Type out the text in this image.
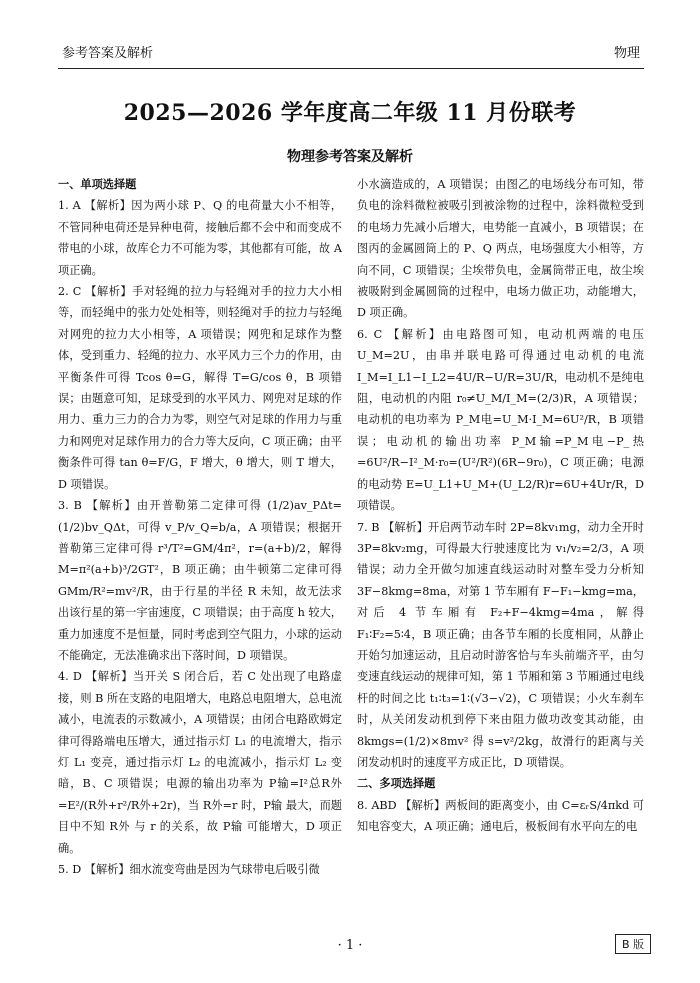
参考答案及解析	物理
2025—2026 学年度高二年级 11 月份联考
物理参考答案及解析
一、单项选择题
1. A 【解析】因为两小球 P、Q 的电荷量大小不相等，不管同种电荷还是异种电荷，接触后都不会中和而变成不带电的小球，故库仑力不可能为零，其他都有可能，故 A 项正确。
2. C 【解析】手对轻绳的拉力与轻绳对手的拉力大小相等，而轻绳中的张力处处相等，则轻绳对手的拉力与轻绳对网兜的拉力大小相等，A 项错误；网兜和足球作为整体，受到重力、轻绳的拉力、水平风力三个力的作用，由平衡条件可得 Tcos θ=G，解得 T=G/cos θ，B 项错误；由题意可知，足球受到的水平风力、网兜对足球的作用力、重力三力的合力为零，则空气对足球的作用力与重力和网兜对足球作用力的合力等大反向，C 项正确；由平衡条件可得 tan θ=F/G，F 增大，θ 增大，则 T 增大，D 项错误。
3. B 【解析】由开普勒第二定律可得 (1/2)av_PΔt=(1/2)bv_QΔt，可得 v_P/v_Q=b/a，A 项错误；根据开普勒第三定律可得 r³/T²=GM/4π²，r=(a+b)/2，解得 M=π²(a+b)³/2GT²，B 项正确；由牛顿第二定律可得 GMm/R²=mv²/R，由于行星的半径 R 未知，故无法求出该行星的第一宇宙速度，C 项错误；由于高度 h 较大，重力加速度不是恒量，同时考虑到空气阻力，小球的运动不能确定，无法准确求出下落时间，D 项错误。
4. D 【解析】当开关 S 闭合后，若 C 处出现了电路虚接，则 B 所在支路的电阻增大，电路总电阻增大，总电流减小，电流表的示数减小，A 项错误；由闭合电路欧姆定律可得路端电压增大，通过指示灯 L₁ 的电流增大，指示灯 L₁ 变亮，通过指示灯 L₂ 的电流减小，指示灯 L₂ 变暗，B、C 项错误；电源的输出功率为 P输=I²总R外=E²/(R外+r²/R外+2r)，当 R外=r 时，P输 最大，而题目中不知 R外 与 r 的关系，故 P输 可能增大，D 项正确。
5. D 【解析】细水流变弯曲是因为气球带电后吸引微
小水滴造成的，A 项错误；由图乙的电场线分布可知，带负电的涂料微粒被吸引到被涂物的过程中，涂料微粒受到的电场力先减小后增大，电势能一直减小，B 项错误；在图丙的金属圆筒上的 P、Q 两点，电场强度大小相等，方向不同，C 项错误；尘埃带负电，金属筒带正电，故尘埃被吸附到金属圆筒的过程中，电场力做正功，动能增大，D 项正确。
6. C 【解析】由电路图可知，电动机两端的电压 U_M=2U，由串并联电路可得通过电动机的电流 I_M=I_L1−I_L2=4U/R−U/R=3U/R，电动机不是纯电阻，电动机的内阻 r₀≠U_M/I_M=(2/3)R，A 项错误；电动机的电功率为 P_M电=U_M·I_M=6U²/R，B 项错误；电动机的输出功率 P_M输=P_M电−P_热=6U²/R−I²_M·r₀=(U²/R²)(6R−9r₀)，C 项正确；电源的电动势 E=U_L1+U_M+(U_L2/R)r=6U+4Ur/R，D 项错误。
7. B 【解析】开启两节动车时 2P=8kv₁mg，动力全开时 3P=8kv₂mg，可得最大行驶速度比为 v₁/v₂=2/3，A 项错误；动力全开做匀加速直线运动时对整车受力分析知 3F−8kmg=8ma，对第 1 节车厢有 F−F₁−kmg=ma，对后 4 节车厢有 F₂+F−4kmg=4ma，解得 F₁∶F₂=5∶4，B 项正确；由各节车厢的长度相同，从静止开始匀加速运动，且启动时游客恰与车头前端齐平，由匀变速直线运动的规律可知，第 1 节厢和第 3 节厢通过电线杆的时间之比 t₁∶t₃=1∶(√3−√2)，C 项错误；小火车刹车时，从关闭发动机到停下来由阻力做功改变其动能，由 8kmgs=(1/2)×8mv² 得 s=v²/2kg，故滑行的距离与关闭发动机时的速度平方成正比，D 项错误。
二、多项选择题
8. ABD 【解析】两板间的距离变小，由 C=εᵣS/4πkd 可知电容变大，A 项正确；通电后，极板间有水平向左的电
· 1 ·	B 版
